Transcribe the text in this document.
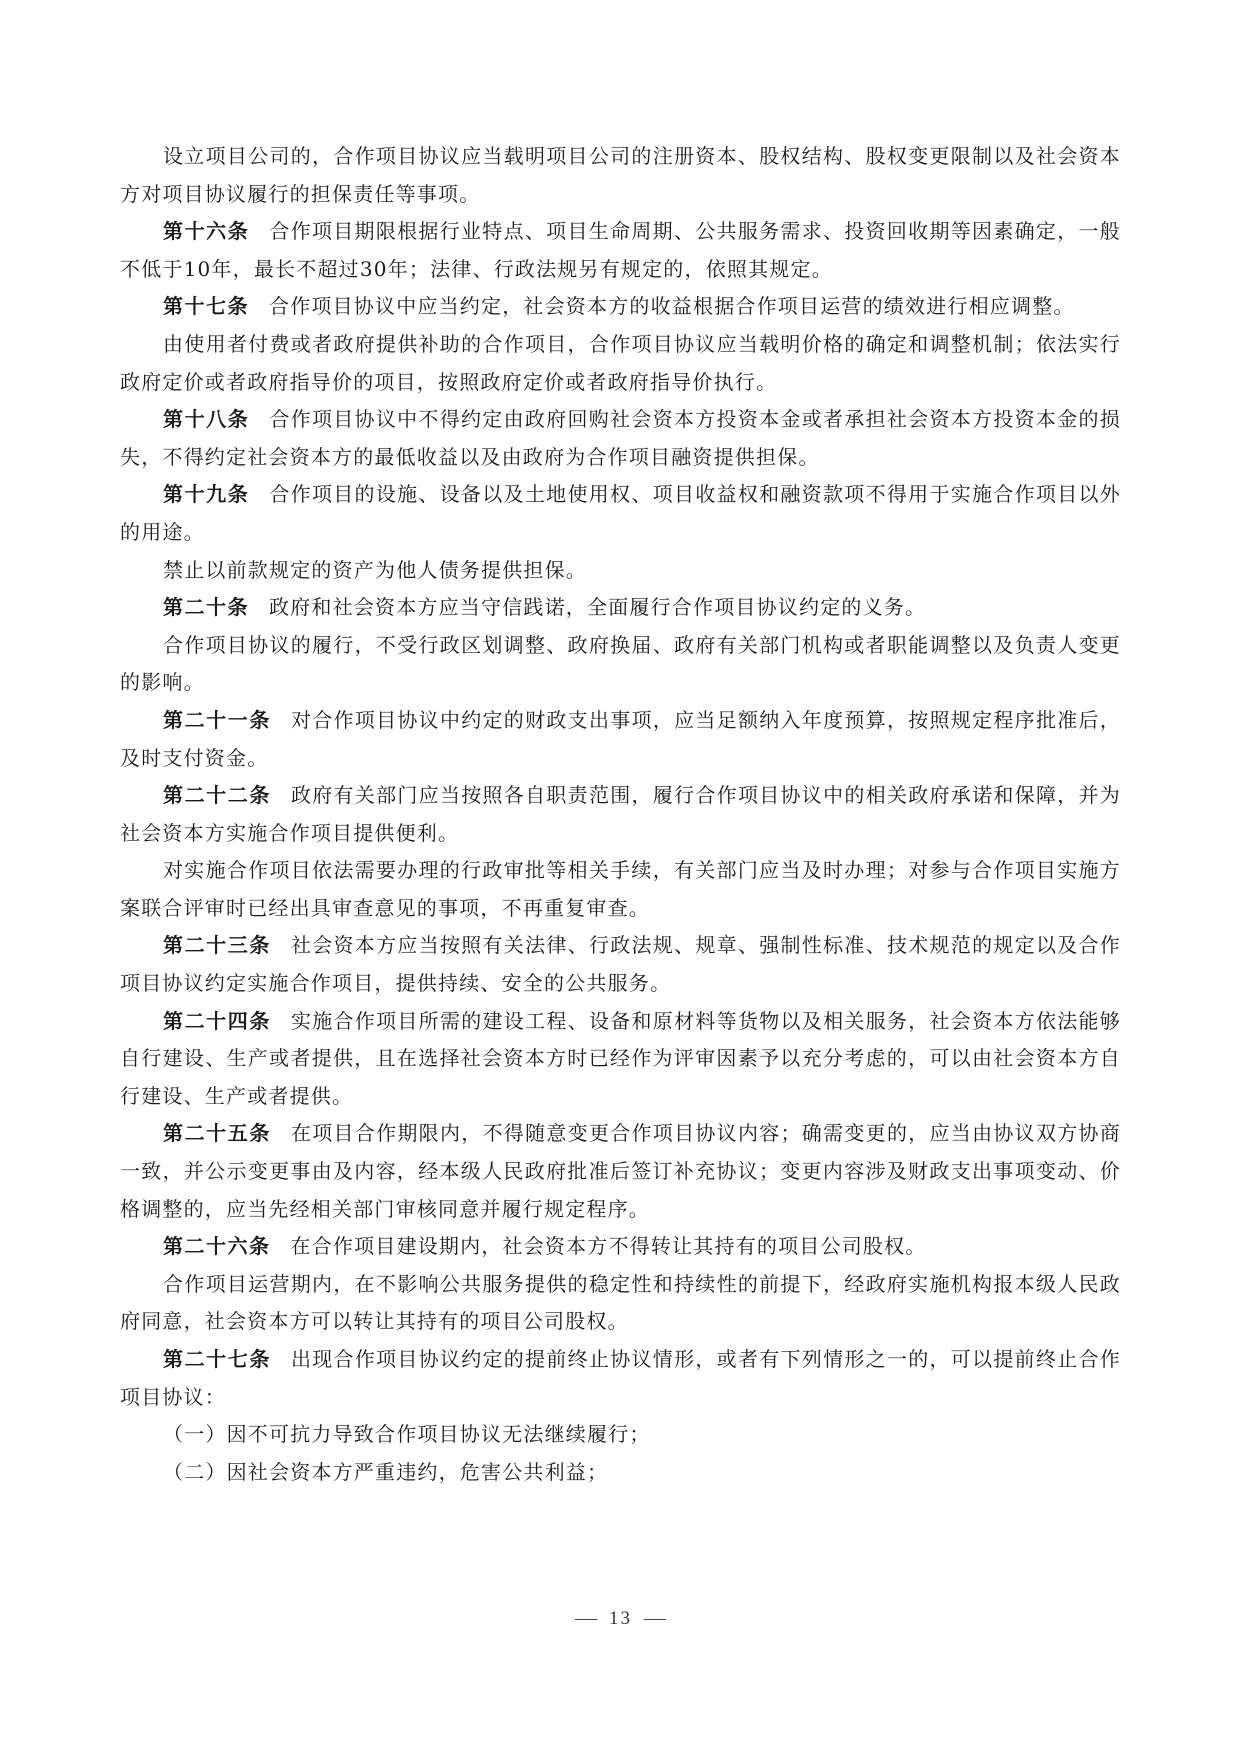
设立项目公司的，合作项目协议应当载明项目公司的注册资本、股权结构、股权变更限制以及社会资本方对项目协议履行的担保责任等事项。

第十六条 合作项目期限根据行业特点、项目生命周期、公共服务需求、投资回收期等因素确定，一般不低于10年，最长不超过30年；法律、行政法规另有规定的，依照其规定。

第十七条 合作项目协议中应当约定，社会资本方的收益根据合作项目运营的绩效进行相应调整。

由使用者付费或者政府提供补助的合作项目，合作项目协议应当载明价格的确定和调整机制；依法实行政府定价或者政府指导价的项目，按照政府定价或者政府指导价执行。

第十八条 合作项目协议中不得约定由政府回购社会资本方投资本金或者承担社会资本方投资本金的损失，不得约定社会资本方的最低收益以及由政府为合作项目融资提供担保。

第十九条 合作项目的设施、设备以及土地使用权、项目收益权和融资款项不得用于实施合作项目以外的用途。

禁止以前款规定的资产为他人债务提供担保。

第二十条 政府和社会资本方应当守信践诺，全面履行合作项目协议约定的义务。

合作项目协议的履行，不受行政区划调整、政府换届、政府有关部门机构或者职能调整以及负责人变更的影响。

第二十一条 对合作项目协议中约定的财政支出事项，应当足额纳入年度预算，按照规定程序批准后，及时支付资金。

第二十二条 政府有关部门应当按照各自职责范围，履行合作项目协议中的相关政府承诺和保障，并为社会资本方实施合作项目提供便利。

对实施合作项目依法需要办理的行政审批等相关手续，有关部门应当及时办理；对参与合作项目实施方案联合评审时已经出具审查意见的事项，不再重复审查。

第二十三条 社会资本方应当按照有关法律、行政法规、规章、强制性标准、技术规范的规定以及合作项目协议约定实施合作项目，提供持续、安全的公共服务。

第二十四条 实施合作项目所需的建设工程、设备和原材料等货物以及相关服务，社会资本方依法能够自行建设、生产或者提供，且在选择社会资本方时已经作为评审因素予以充分考虑的，可以由社会资本方自行建设、生产或者提供。

第二十五条 在项目合作期限内，不得随意变更合作项目协议内容；确需变更的，应当由协议双方协商一致，并公示变更事由及内容，经本级人民政府批准后签订补充协议；变更内容涉及财政支出事项变动、价格调整的，应当先经相关部门审核同意并履行规定程序。

第二十六条 在合作项目建设期内，社会资本方不得转让其持有的项目公司股权。

合作项目运营期内，在不影响公共服务提供的稳定性和持续性的前提下，经政府实施机构报本级人民政府同意，社会资本方可以转让其持有的项目公司股权。

第二十七条 出现合作项目协议约定的提前终止协议情形，或者有下列情形之一的，可以提前终止合作项目协议：

（一）因不可抗力导致合作项目协议无法继续履行；

（二）因社会资本方严重违约，危害公共利益；

13
